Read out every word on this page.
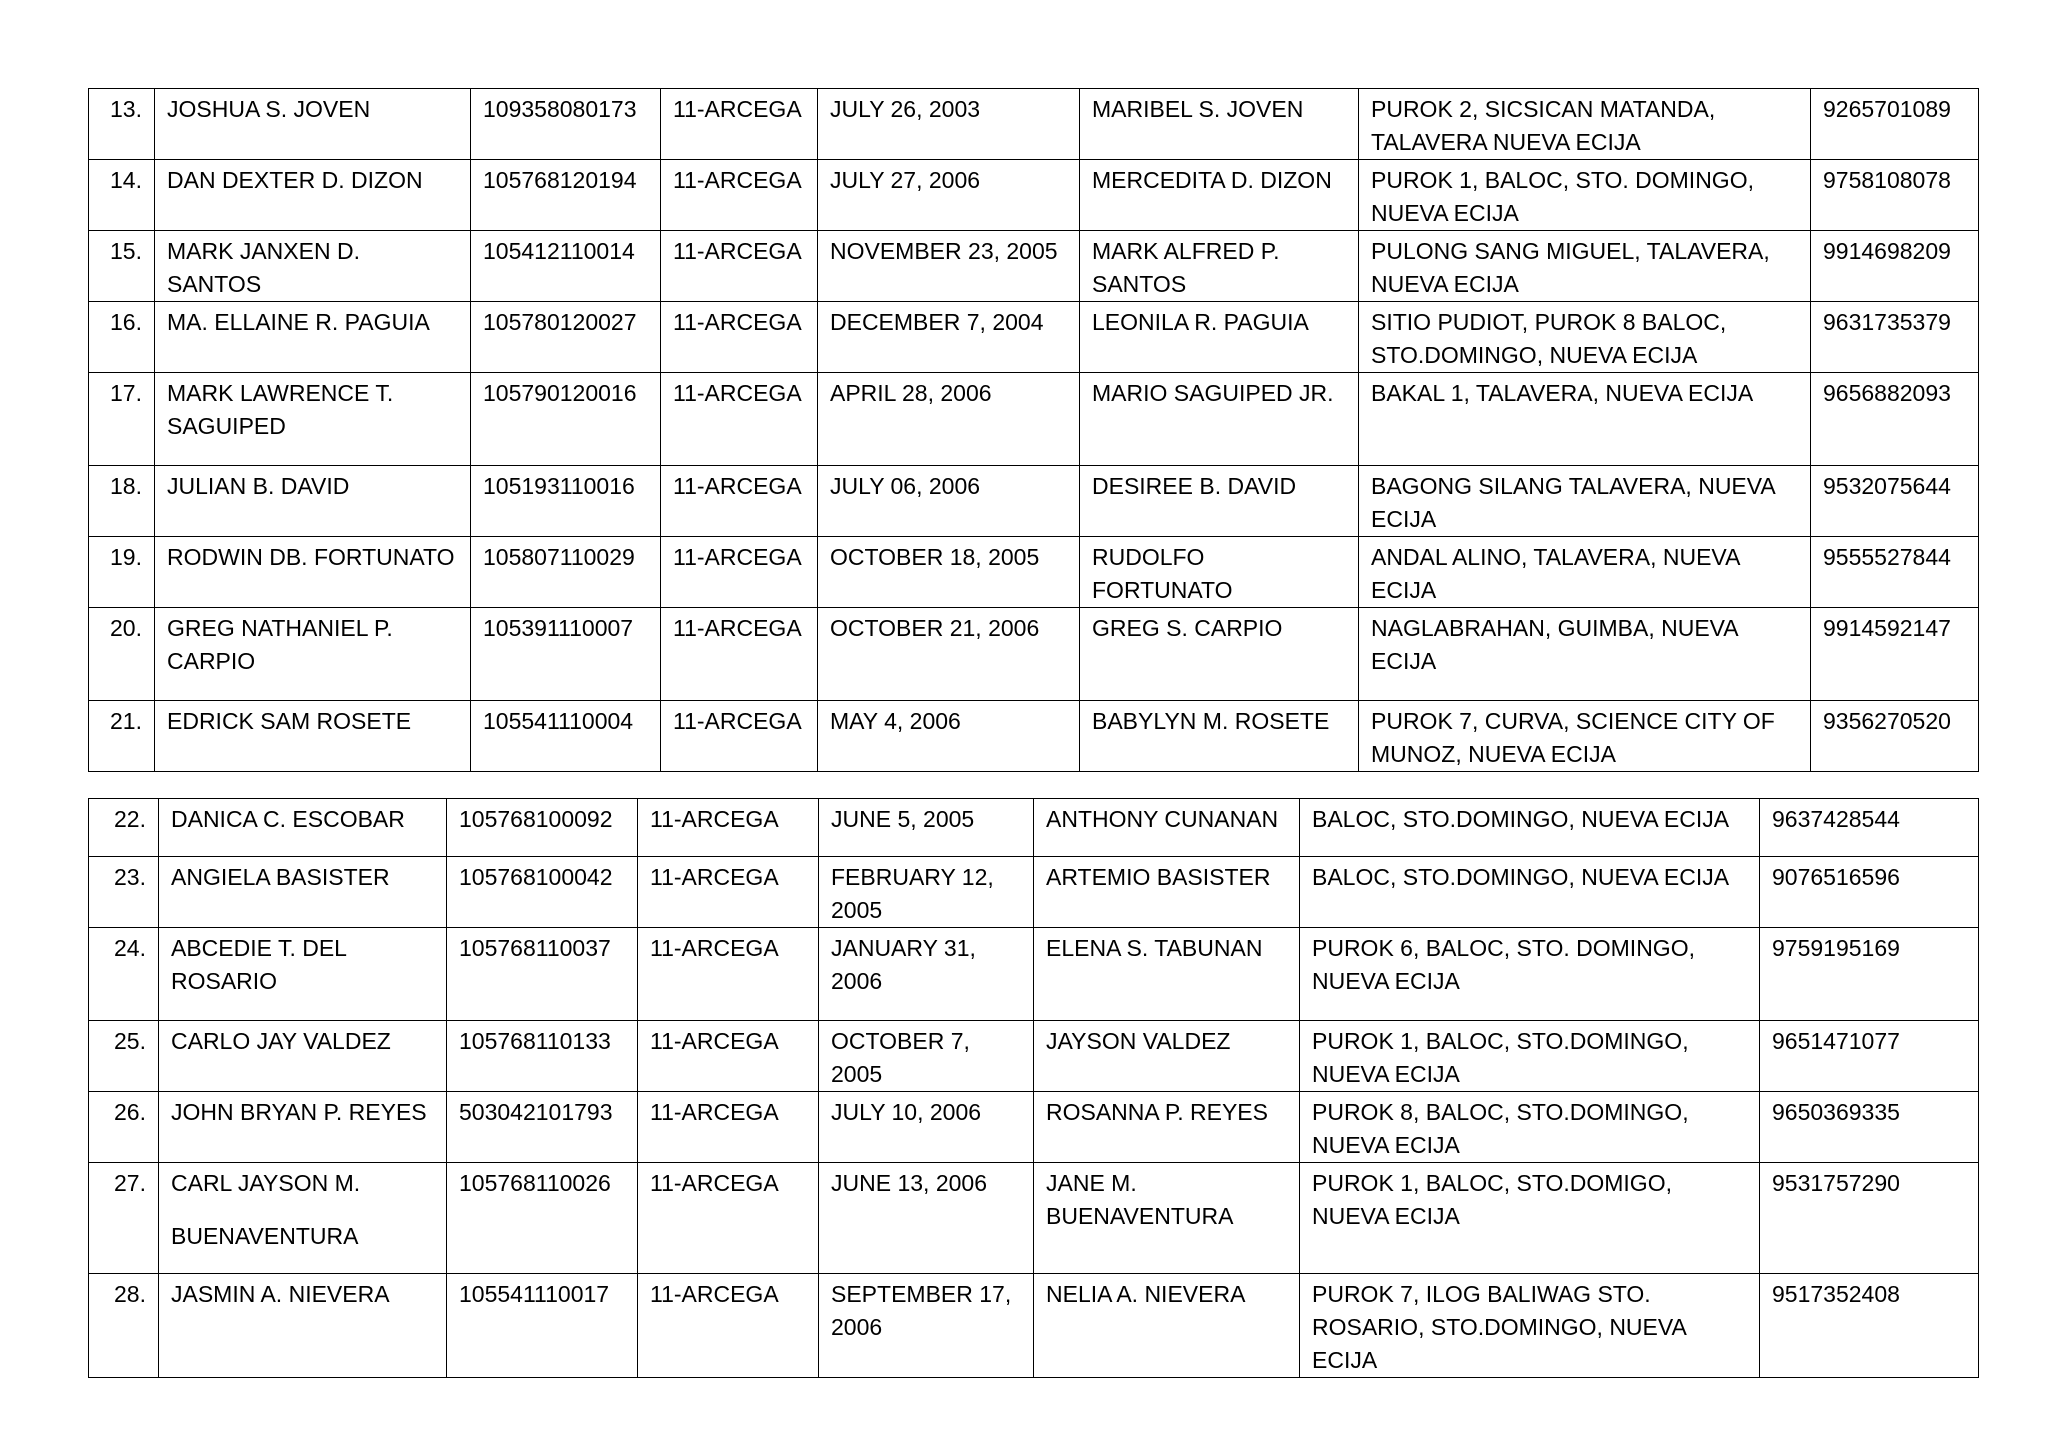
13.	JOSHUA S. JOVEN	109358080173	11-ARCEGA	JULY 26, 2003	MARIBEL S. JOVEN	PUROK 2, SICSICAN MATANDA, TALAVERA NUEVA ECIJA	9265701089
14.	DAN DEXTER D. DIZON	105768120194	11-ARCEGA	JULY 27, 2006	MERCEDITA D. DIZON	PUROK 1, BALOC, STO. DOMINGO, NUEVA ECIJA	9758108078
15.	MARK JANXEN D. SANTOS	105412110014	11-ARCEGA	NOVEMBER 23, 2005	MARK ALFRED P. SANTOS	PULONG SANG MIGUEL, TALAVERA, NUEVA ECIJA	9914698209
16.	MA. ELLAINE R. PAGUIA	105780120027	11-ARCEGA	DECEMBER 7, 2004	LEONILA R. PAGUIA	SITIO PUDIOT, PUROK 8 BALOC, STO.DOMINGO, NUEVA ECIJA	9631735379
17.	MARK LAWRENCE T. SAGUIPED	105790120016	11-ARCEGA	APRIL 28, 2006	MARIO SAGUIPED JR.	BAKAL 1, TALAVERA, NUEVA ECIJA	9656882093
18.	JULIAN B. DAVID	105193110016	11-ARCEGA	JULY 06, 2006	DESIREE B. DAVID	BAGONG SILANG TALAVERA, NUEVA ECIJA	9532075644
19.	RODWIN DB. FORTUNATO	105807110029	11-ARCEGA	OCTOBER 18, 2005	RUDOLFO FORTUNATO	ANDAL ALINO, TALAVERA, NUEVA ECIJA	9555527844
20.	GREG NATHANIEL P. CARPIO	105391110007	11-ARCEGA	OCTOBER 21, 2006	GREG S. CARPIO	NAGLABRAHAN, GUIMBA, NUEVA ECIJA	9914592147
21.	EDRICK SAM ROSETE	105541110004	11-ARCEGA	MAY 4, 2006	BABYLYN M. ROSETE	PUROK 7, CURVA, SCIENCE CITY OF MUNOZ, NUEVA ECIJA	9356270520
22.	DANICA C. ESCOBAR	105768100092	11-ARCEGA	JUNE 5, 2005	ANTHONY CUNANAN	BALOC, STO.DOMINGO, NUEVA ECIJA	9637428544
23.	ANGIELA BASISTER	105768100042	11-ARCEGA	FEBRUARY 12, 2005	ARTEMIO BASISTER	BALOC, STO.DOMINGO, NUEVA ECIJA	9076516596
24.	ABCEDIE T. DEL ROSARIO	105768110037	11-ARCEGA	JANUARY 31, 2006	ELENA S. TABUNAN	PUROK 6, BALOC, STO. DOMINGO, NUEVA ECIJA	9759195169
25.	CARLO JAY VALDEZ	105768110133	11-ARCEGA	OCTOBER 7, 2005	JAYSON VALDEZ	PUROK 1, BALOC, STO.DOMINGO, NUEVA ECIJA	9651471077
26.	JOHN BRYAN P. REYES	503042101793	11-ARCEGA	JULY 10, 2006	ROSANNA P. REYES	PUROK 8, BALOC, STO.DOMINGO, NUEVA ECIJA	9650369335
27.	CARL JAYSON M.
BUENAVENTURA	105768110026	11-ARCEGA	JUNE 13, 2006	JANE M. BUENAVENTURA	PUROK 1, BALOC, STO.DOMIGO, NUEVA ECIJA	9531757290
28.	JASMIN A. NIEVERA	105541110017	11-ARCEGA	SEPTEMBER 17, 2006	NELIA A. NIEVERA	PUROK 7, ILOG BALIWAG STO. ROSARIO, STO.DOMINGO, NUEVA ECIJA	9517352408
